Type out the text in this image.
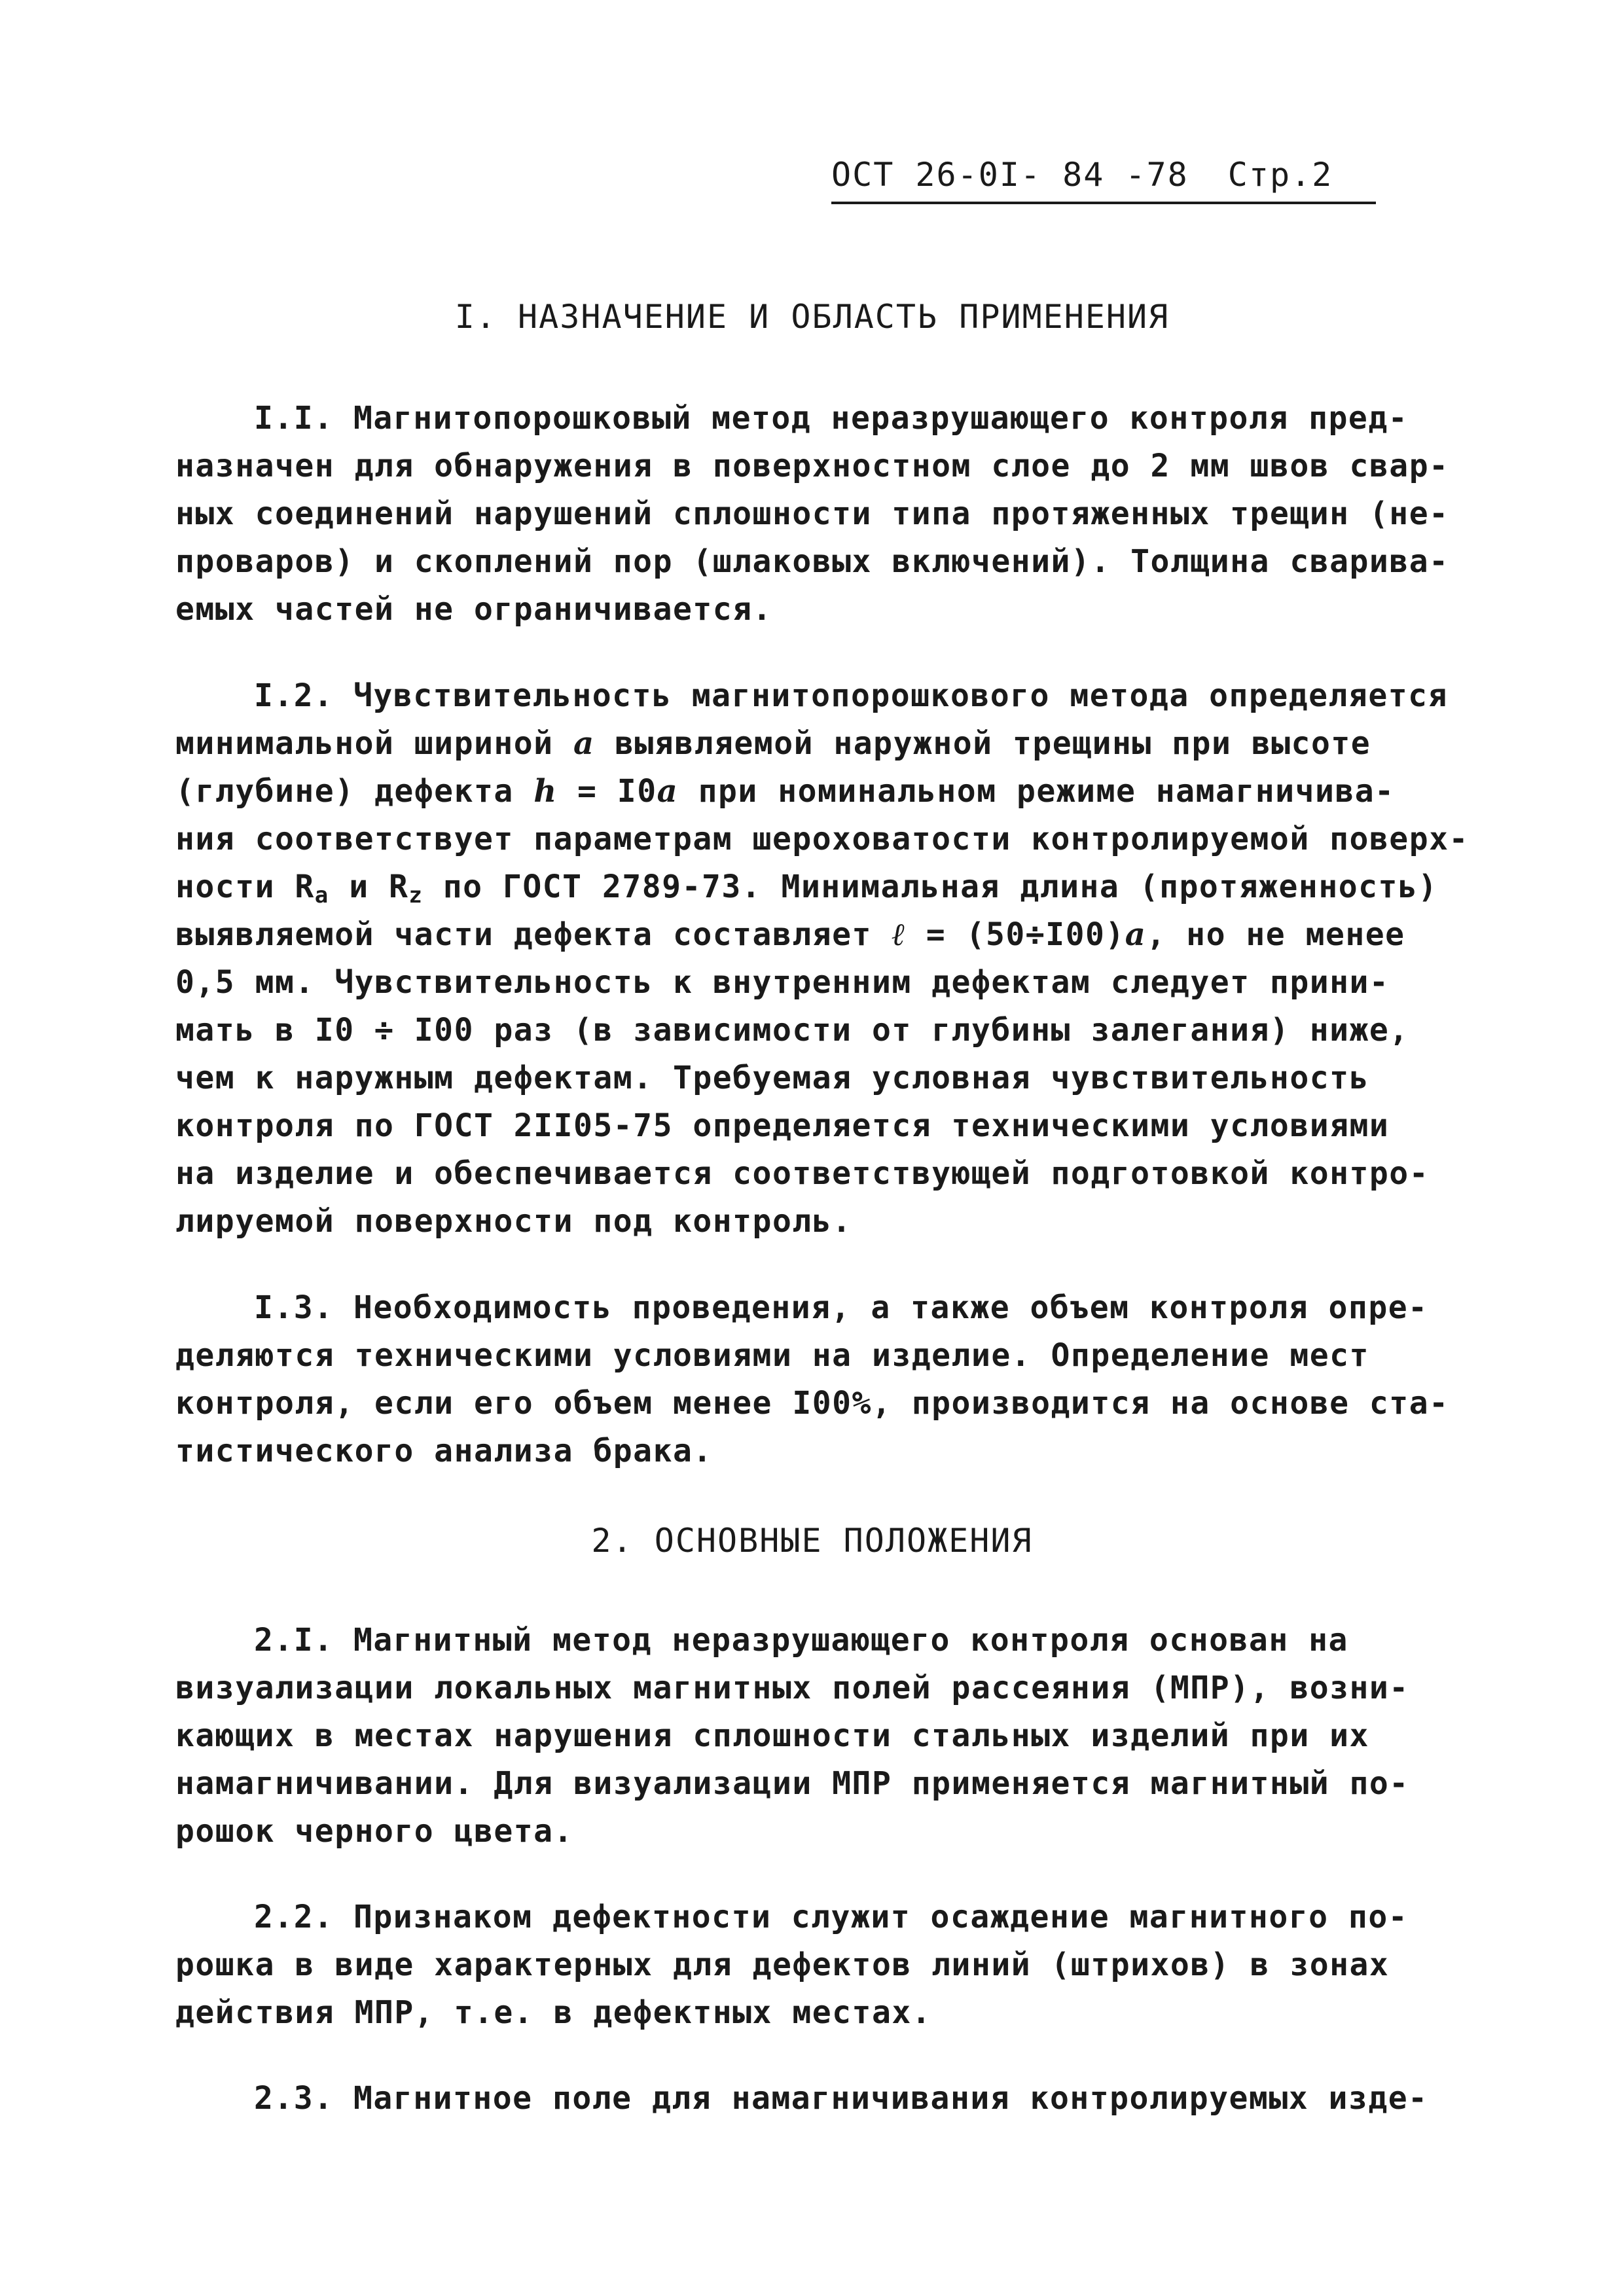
ОСТ 26-0I- 84 -78 Стр.2
I. НАЗНАЧЕНИЕ И ОБЛАСТЬ ПРИМЕНЕНИЯ
I.I. Магнитопорошковый метод неразрушающего контроля пред-
назначен для обнаружения в поверхностном слое до 2 мм швов свар-
ных соединений нарушений сплошности типа протяженных трещин (не-
проваров) и скоплений пор (шлаковых включений). Толщина сварива-
емых частей не ограничивается.
I.2. Чувствительность магнитопорошкового метода определяется
минимальной шириной a выявляемой наружной трещины при высоте
(глубине) дефекта h = I0a при номинальном режиме намагничива-
ния соответствует параметрам шероховатости контролируемой поверх-
ности $R_a$ и $R_z$ по ГОСТ 2789-73. Минимальная длина (протяженность)
выявляемой части дефекта составляет ℓ = (50÷I00)a, но не менее
0,5 мм. Чувствительность к внутренним дефектам следует прини-
мать в I0 ÷ I00 раз (в зависимости от глубины залегания) ниже,
чем к наружным дефектам. Требуемая условная чувствительность
контроля по ГОСТ 2II05-75 определяется техническими условиями
на изделие и обеспечивается соответствующей подготовкой контро-
лируемой поверхности под контроль.
I.3. Необходимость проведения, а также объем контроля опре-
деляются техническими условиями на изделие. Определение мест
контроля, если его объем менее I00%, производится на основе ста-
тистического анализа брака.
2. ОСНОВНЫЕ ПОЛОЖЕНИЯ
2.I. Магнитный метод неразрушающего контроля основан на
визуализации локальных магнитных полей рассеяния (МПР), возни-
кающих в местах нарушения сплошности стальных изделий при их
намагничивании. Для визуализации МПР применяется магнитный по-
рошок черного цвета.
2.2. Признаком дефектности служит осаждение магнитного по-
рошка в виде характерных для дефектов линий (штрихов) в зонах
действия МПР, т.е. в дефектных местах.
2.3. Магнитное поле для намагничивания контролируемых изде-
